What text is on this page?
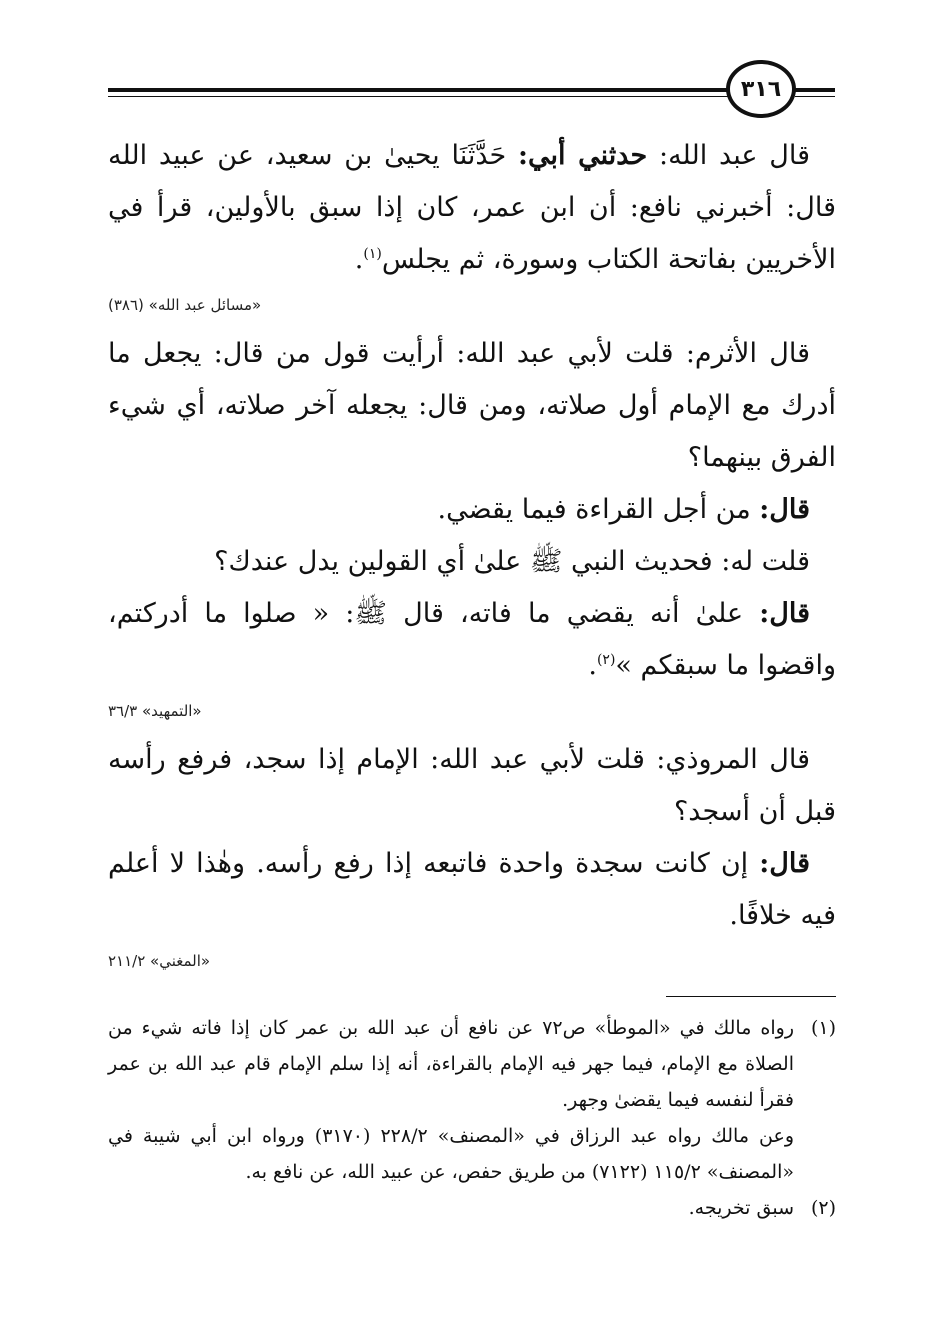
٣١٦

قال عبد الله: حدثني أبي: حَدَّثَنَا يحيىٰ بن سعيد، عن عبيد الله قال: أخبرني نافع: أن ابن عمر، كان إذا سبق بالأولين، قرأ في الأخريين بفاتحة الكتاب وسورة، ثم يجلس$^{(١)}$.

«مسائل عبد الله» (٣٨٦)

قال الأثرم: قلت لأبي عبد الله: أرأيت قول من قال: يجعل ما أدرك مع الإمام أول صلاته، ومن قال: يجعله آخر صلاته، أي شيء الفرق بينهما؟

قال: من أجل القراءة فيما يقضي.

قلت له: فحديث النبي ﷺ علىٰ أي القولين يدل عندك؟

قال: علىٰ أنه يقضي ما فاته، قال ﷺ: « صلوا ما أدركتم، واقضوا ما سبقكم »$^{(٢)}$.

«التمهيد» ٣٦/٣

قال المروذي: قلت لأبي عبد الله: الإمام إذا سجد، فرفع رأسه قبل أن أسجد؟

قال: إن كانت سجدة واحدة فاتبعه إذا رفع رأسه. وهٰذا لا أعلم فيه خلافًا.

«المغني» ٢١١/٢
(١)

رواه مالك في «الموطأ» ص٧٢ عن نافع أن عبد الله بن عمر كان إذا فاته شيء من الصلاة مع الإمام، فيما جهر فيه الإمام بالقراءة، أنه إذا سلم الإمام قام عبد الله بن عمر فقرأ لنفسه فيما يقضىٰ وجهر.

وعن مالك رواه عبد الرزاق في «المصنف» ٢٢٨/٢ (٣١٧٠) ورواه ابن أبي شيبة في «المصنف» ١١٥/٢ (٧١٢٢) من طريق حفص، عن عبيد الله، عن نافع به.

(٢)

سبق تخريجه.
